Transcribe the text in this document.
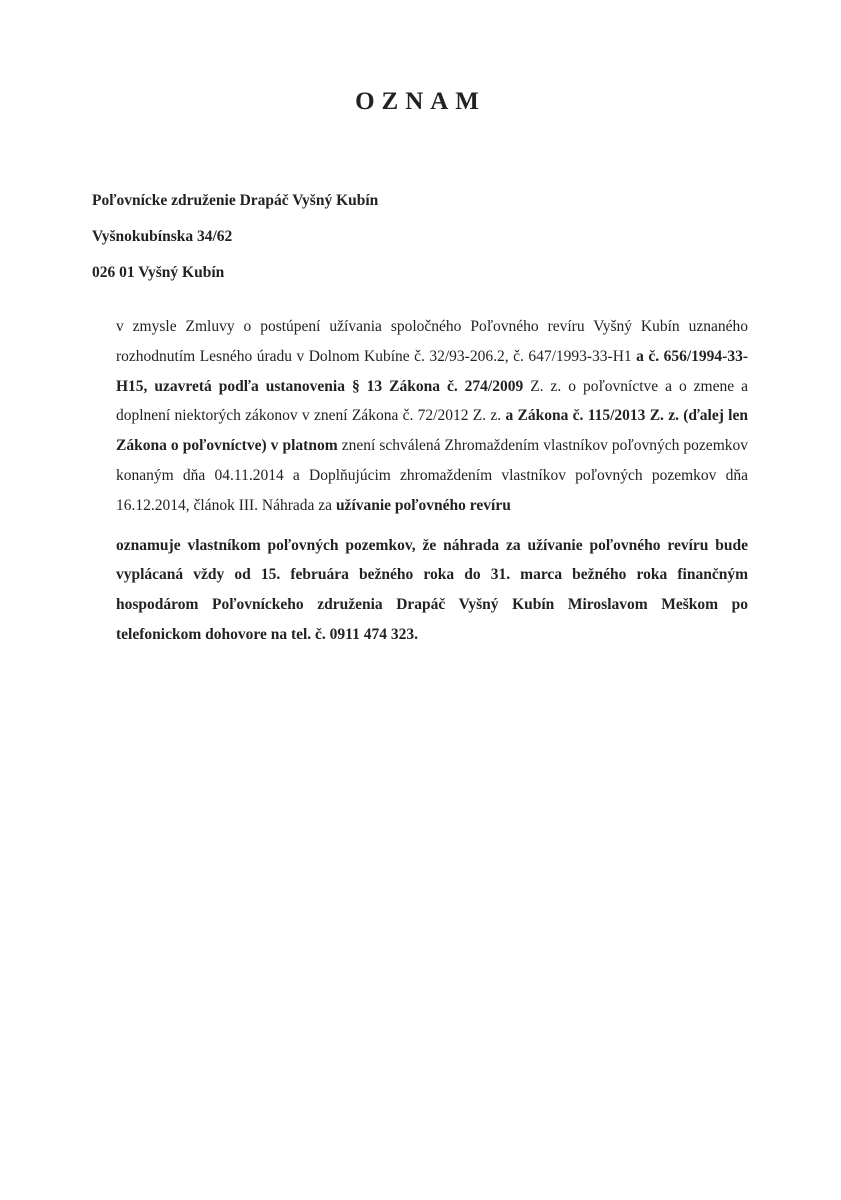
OZNAM
Poľovnícke združenie Drapáč Vyšný Kubín
Vyšnokubínska 34/62
026 01 Vyšný Kubín

v zmysle Zmluvy o postúpení užívania spoločného Poľovného revíru Vyšný Kubín uznaného rozhodnutím Lesného úradu v Dolnom Kubíne č. 32/93-206.2, č. 647/1993-33-H1 a č. 656/1994-33-H15, uzavretá podľa ustanovenia § 13 Zákona č. 274/2009 Z. z. o poľovníctve a o zmene a doplnení niektorých zákonov v znení Zákona č. 72/2012 Z. z. a Zákona č. 115/2013 Z. z. (ďalej len Zákona o poľovníctve) v platnom znení schválená Zhromaždením vlastníkov poľovných pozemkov konaným dňa 04.11.2014 a Doplňujúcim zhromaždením vlastníkov poľovných pozemkov dňa 16.12.2014, článok III. Náhrada za užívanie poľovného revíru

oznamuje vlastníkom poľovných pozemkov, že náhrada za užívanie poľovného revíru bude vyplácaná vždy od 15. februára bežného roka do 31. marca bežného roka finančným hospodárom Poľovníckeho združenia Drapáč Vyšný Kubín Miroslavom Meškom po telefonickom dohovore na tel. č. 0911 474 323.
